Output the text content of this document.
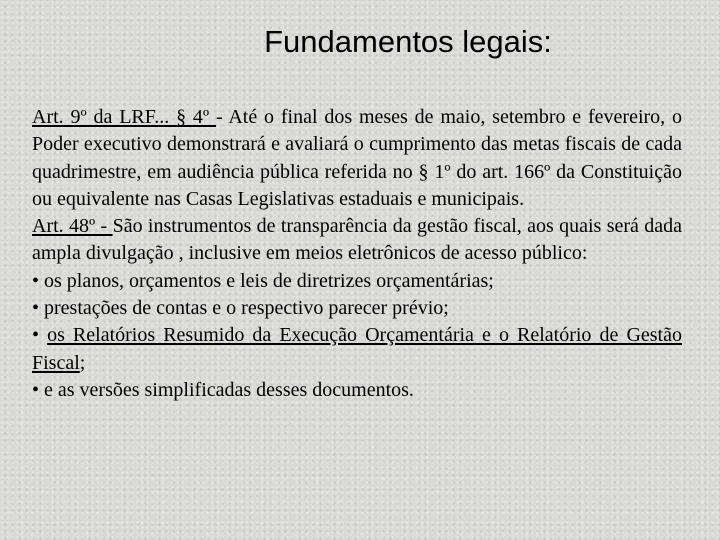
Fundamentos legais:

Art. 9º da LRF... § 4º - Até o final dos meses de maio, setembro e fevereiro, o Poder executivo demonstrará e avaliará o cumprimento das metas fiscais de cada quadrimestre, em audiência pública referida no § 1º do art. 166º da Constituição ou equivalente nas Casas Legislativas estaduais e municipais.

Art. 48º - São instrumentos de transparência da gestão fiscal, aos quais será dada ampla divulgação , inclusive em meios eletrônicos de acesso público:

• os planos, orçamentos e leis de diretrizes orçamentárias;

• prestações de contas e o respectivo parecer prévio;

• os Relatórios Resumido da Execução Orçamentária e o Relatório de Gestão Fiscal;

• e as versões simplificadas desses documentos.
